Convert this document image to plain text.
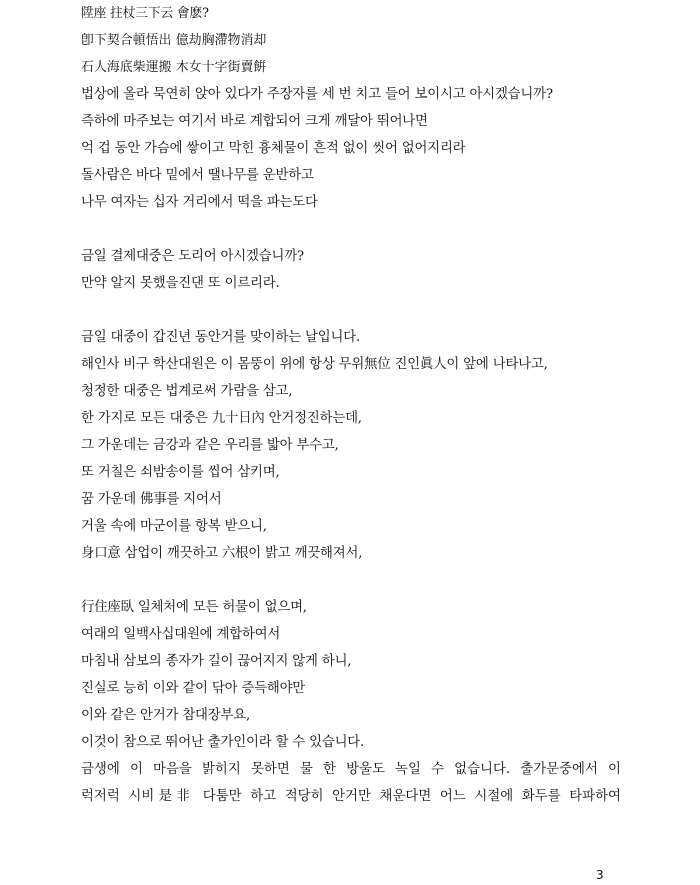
陞座 拄杖三下云 會麽?
卽下契合頓悟出 億劫胸滯物消却
石人海底柴運搬 木女十字街賣餠
법상에 올라 묵연히 앉아 있다가 주장자를 세 번 치고 들어 보이시고 아시겠습니까?
즉하에 마주보는 여기서 바로 계합되어 크게 깨달아 뛰어나면
억 겁 동안 가슴에 쌓이고 막힌 흉체물이 흔적 없이 씻어 없어지리라
돌사람은 바다 밑에서 땔나무를 운반하고
나무 여자는 십자 거리에서 떡을 파는도다
금일 결제대중은 도리어 아시겠습니까?
만약 알지 못했을진댄 또 이르리라.
금일 대중이 갑진년 동안거를 맞이하는 날입니다.
해인사 비구 학산대원은 이 몸뚱이 위에 항상 무위無位 진인眞人이 앞에 나타나고,
청정한 대중은 법계로써 가람을 삼고,
한 가지로 모든 대중은 九十日內 안거정진하는데,
그 가운데는 금강과 같은 우리를 밟아 부수고,
또 거칠은 쇠밤송이를 씹어 삼키며,
꿈 가운데 佛事를 지어서
거울 속에 마군이를 항복 받으니,
身口意 삼업이 깨끗하고 六根이 밝고 깨끗해져서,
行住座臥 일체처에 모든 허물이 없으며,
여래의 일백사십대원에 계합하여서
마침내 삼보의 종자가 길이 끊어지지 않게 하니,
진실로 능히 이와 같이 닦아 증득해야만
이와 같은 안거가 참대장부요,
이것이 참으로 뛰어난 출가인이라 할 수 있습니다.
금생에 이 마음을 밝히지 못하면 물 한 방울도 녹일 수 없습니다. 출가문중에서 이
럭저럭 시비是非 다툼만 하고 적당히 안거만 채운다면 어느 시절에 화두를 타파하여
3
